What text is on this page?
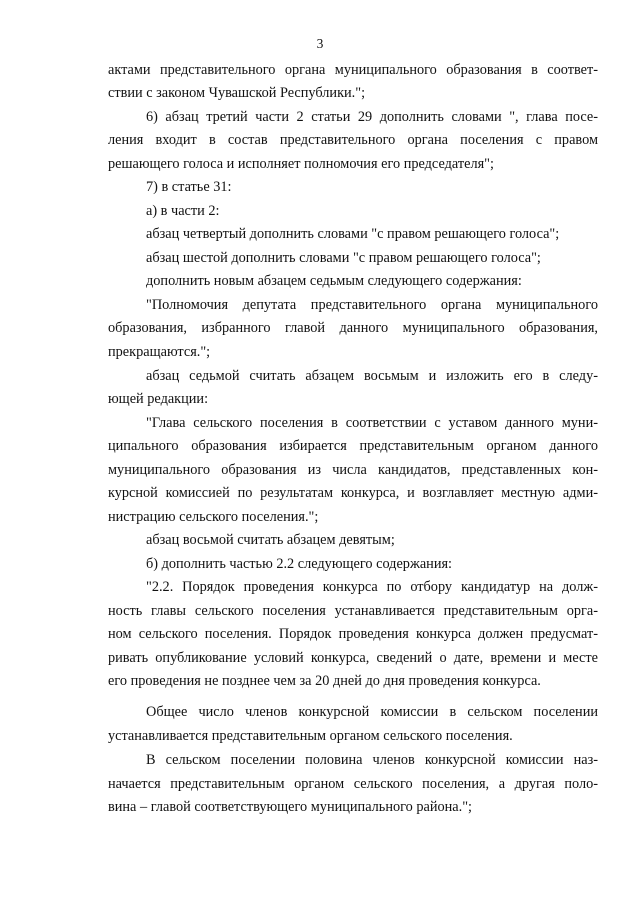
3
актами представительного органа муниципального образования в соответ-
ствии с законом Чувашской Республики.";
6) абзац третий части 2 статьи 29 дополнить словами ", глава посе-
ления входит в состав представительного органа поселения с правом
решающего голоса и исполняет полномочия его председателя";
7) в статье 31:
а) в части 2:
абзац четвертый дополнить словами "с правом решающего голоса";
абзац шестой дополнить словами "с правом решающего голоса";
дополнить новым абзацем седьмым следующего содержания:
"Полномочия депутата представительного органа муниципального
образования, избранного главой данного муниципального образования,
прекращаются.";
абзац седьмой считать абзацем восьмым и изложить его в следу-
ющей редакции:
"Глава сельского поселения в соответствии с уставом данного муни-
ципального образования избирается представительным органом данного
муниципального образования из числа кандидатов, представленных кон-
курсной комиссией по результатам конкурса, и возглавляет местную адми-
нистрацию сельского поселения.";
абзац восьмой считать абзацем девятым;
б) дополнить частью 2.2 следующего содержания:
"2.2. Порядок проведения конкурса по отбору кандидатур на долж-
ность главы сельского поселения устанавливается представительным орга-
ном сельского поселения. Порядок проведения конкурса должен предусмат-
ривать опубликование условий конкурса, сведений о дате, времени и месте
его проведения не позднее чем за 20 дней до дня проведения конкурса.
Общее число членов конкурсной комиссии в сельском поселении
устанавливается представительным органом сельского поселения.
В сельском поселении половина членов конкурсной комиссии наз-
начается представительным органом сельского поселения, а другая поло-
вина – главой соответствующего муниципального района.";
